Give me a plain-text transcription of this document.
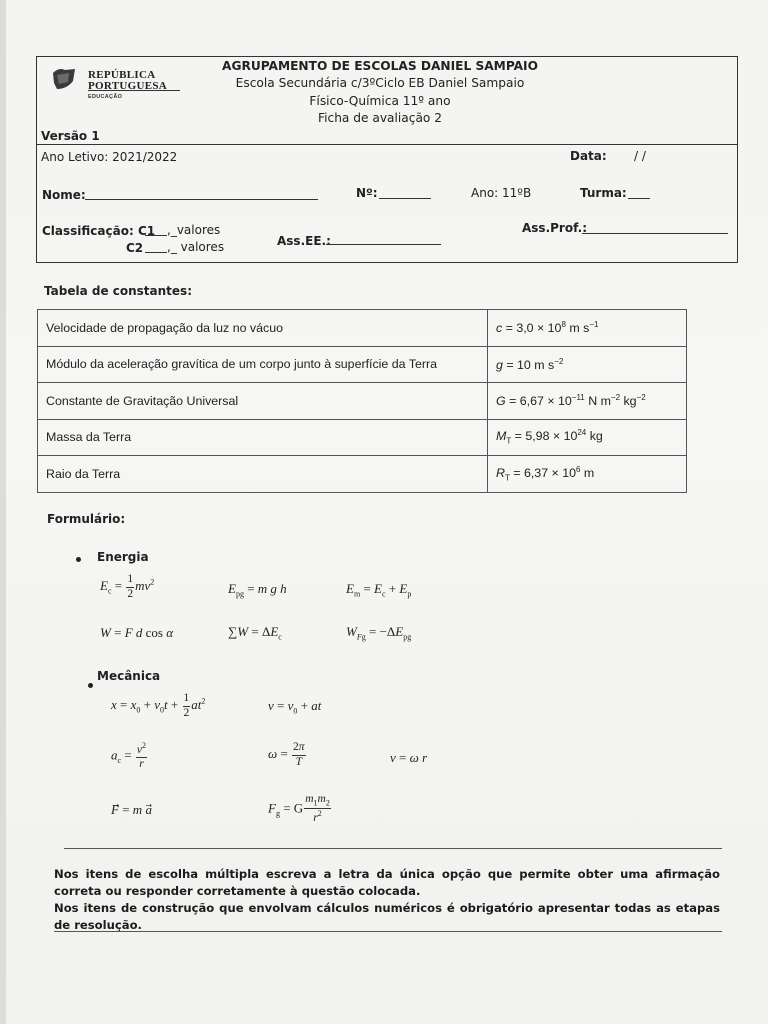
REPÚBLICA
PORTUGUESA
EDUCAÇÃO
AGRUPAMENTO DE ESCOLAS DANIEL SAMPAIO
Escola Secundária c/3ºCiclo EB Daniel Sampaio
Físico-Química 11º ano
Ficha de avaliação 2
Versão 1
Ano Letivo: 2021/2022	Data: / /
Nome:	Nº:	Ano: 11ºB	Turma:
Classificação: C1 ,_valores
C2 ,_ valores	Ass.EE.:
Ass.Prof.:
Tabela de constantes:
Velocidade de propagação da luz no vácuo	$c = 3,0 \times 10^8$ m $s^{-1}$
Módulo da aceleração gravítica de um corpo junto à superfície da Terra	g = 10 m $s^{-2}$
Constante de Gravitação Universal	$G = 6,67 \times 10^{-11}$ N $m^{-2}$ $kg^{-2}$
Massa da Terra	$M_T = 5,98 \times 10^{24}$ kg
Raio da Terra	$R_T = 6,37 \times 10^6$ m
Formulário:
Energia
$E_c = \frac{1}{2} mv^2$	$E_{pg} = m$ g h	$E_m = E_c + E_p$
W = F d cos α	$\sum W = \Delta E_c$	$W_{Fg} = -\Delta E_{pg}$
Mecânica
$x = x_0 + v_0t + \frac{1}{2} at^2$	$v = v_0$ + at
$a_c = \frac{v^2}{r}$	$\omega = \frac{2\pi}{T}$	v = ω r
F⃗ = m a	$F_g = G \frac{m_1m_2}{r^2}$
Nos itens de escolha múltipla escreva a letra da única opção que permite obter uma afirmação correta ou responder corretamente à questão colocada.
Nos itens de construção que envolvam cálculos numéricos é obrigatório apresentar todas as etapas de resolução.
